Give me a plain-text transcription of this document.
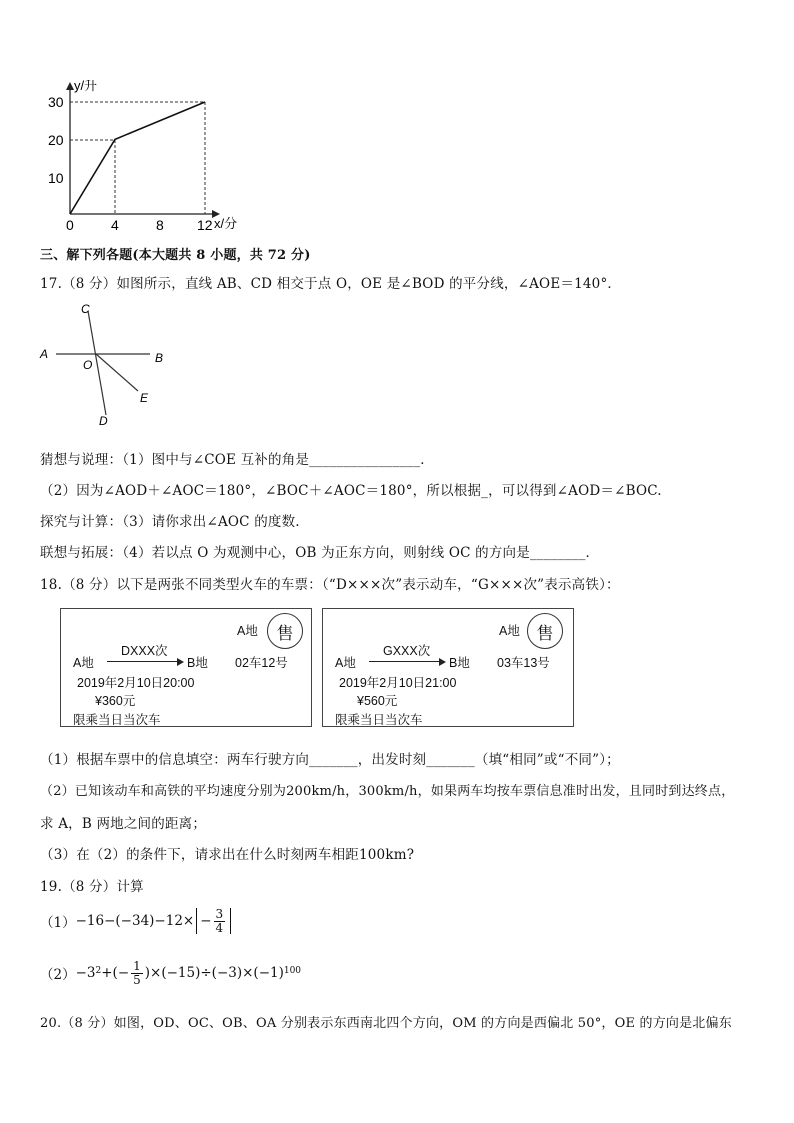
y/升
x/分
30
20
10
0	4	8 12
三、解下列各题(本大题共 8 小题，共 72 分)
17.（8 分）如图所示，直线 AB、CD 相交于点 O，OE 是∠BOD 的平分线，∠AOE＝140°．
A	B
C
D
E
O
猜想与说理：（1）图中与∠COE 互补的角是________________．
（2）因为∠AOD＋∠AOC＝180°，∠BOC＋∠AOC＝180°，所以根据_，可以得到∠AOD＝∠BOC.
探究与计算：（3）请你求出∠AOC 的度数.
联想与拓展：（4）若以点 O 为观测中心，OB 为正东方向，则射线 OC 的方向是________．
18.（8 分）以下是两张不同类型火车的车票：（“D×××次”表示动车，“G×××次”表示高铁）：
A地	售
DXXX次
A地	B地 02车12号
2019年2月10日20:00
¥360元
限乘当日当次车
A地 售
GXXX次
A地	B地 03车13号
2019年2月10日21:00
¥560元
限乘当日当次车
（1）根据车票中的信息填空：两车行驶方向_______，出发时刻_______（填“相同”或“不同”）；
（2）已知该动车和高铁的平均速度分别为200km/h，300km/h，如果两车均按车票信息准时出发，且同时到达终点，
求 A，B 两地之间的距离；
（3）在（2）的条件下，请求出在什么时刻两车相距100km?
19.（8 分）计算
$(1) -16-(-34)-12\times - \frac{3}{4}$
（2） −3 2 +(− $\frac{1}{5} )\times(-15)\div(-3)\times(-1)$ 100
20.（8 分）如图，OD、OC、OB、OA 分别表示东西南北四个方向，OM 的方向是西偏北 50°，OE 的方向是北偏东
